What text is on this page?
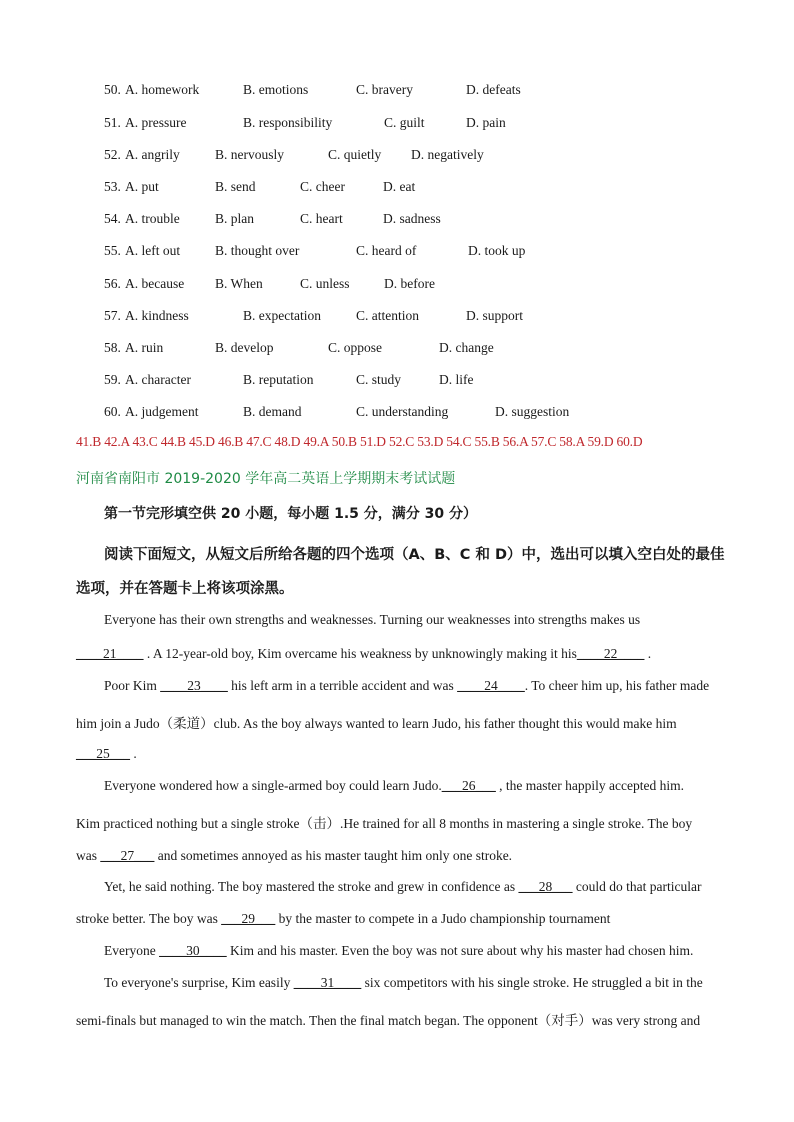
50. A. homework	B. emotions	C. bravery	D. defeats
51. A. pressure	B. responsibility	C. guilt	D. pain
52. A. angrily	B. nervously	C. quietly D. negatively
53. A. put	B. send	C. cheer	D. eat
54. A. trouble	B. plan	C. heart	D. sadness
55. A. left out	B. thought over	C. heard of	D. took up
56. A. because B. When	C. unless	D. before
57. A. kindness	B. expectation	C. attention	D. support
58. A. ruin	B. develop	C. oppose	D. change
59. A. character	B. reputation	C. study	D. life
60. A. judgement	B. demand	C. understanding	D. suggestion
41.B 42.A 43.C 44.B 45.D 46.B 47.C 48.D 49.A 50.B 51.D 52.C 53.D 54.C 55.B 56.A 57.C 58.A 59.D 60.D
河南省南阳市 2019-2020 学年高二英语上学期期末考试试题
第一节完形填空供 20 小题，每小题 1.5 分，满分 30 分）
阅读下面短文，从短文后所给各题的四个选项（A、B、C 和 D）中，选出可以填入空白处的最佳选项，并在答题卡上将该项涂黑。
Everyone has their own strengths and weaknesses. Turning our weaknesses into strengths makes us
____21____ . A 12-year-old boy, Kim overcame his weakness by unknowingly making it his____22____ .
Poor Kim ____23____ his left arm in a terrible accident and was ____24____. To cheer him up, his father made
him join a Judo（柔道）club. As the boy always wanted to learn Judo, his father thought this would make him
___25___ .
Everyone wondered how a single-armed boy could learn Judo.___26___ , the master happily accepted him.
Kim practiced nothing but a single stroke（击）.He trained for all 8 months in mastering a single stroke. The boy
was ___27___ and sometimes annoyed as his master taught him only one stroke.
Yet, he said nothing. The boy mastered the stroke and grew in confidence as ___28___ could do that particular
stroke better. The boy was ___29___ by the master to compete in a Judo championship tournament
Everyone ____30____ Kim and his master. Even the boy was not sure about why his master had chosen him.
To everyone's surprise, Kim easily ____31____ six competitors with his single stroke. He struggled a bit in the
semi-finals but managed to win the match. Then the final match began. The opponent（对手）was very strong and
